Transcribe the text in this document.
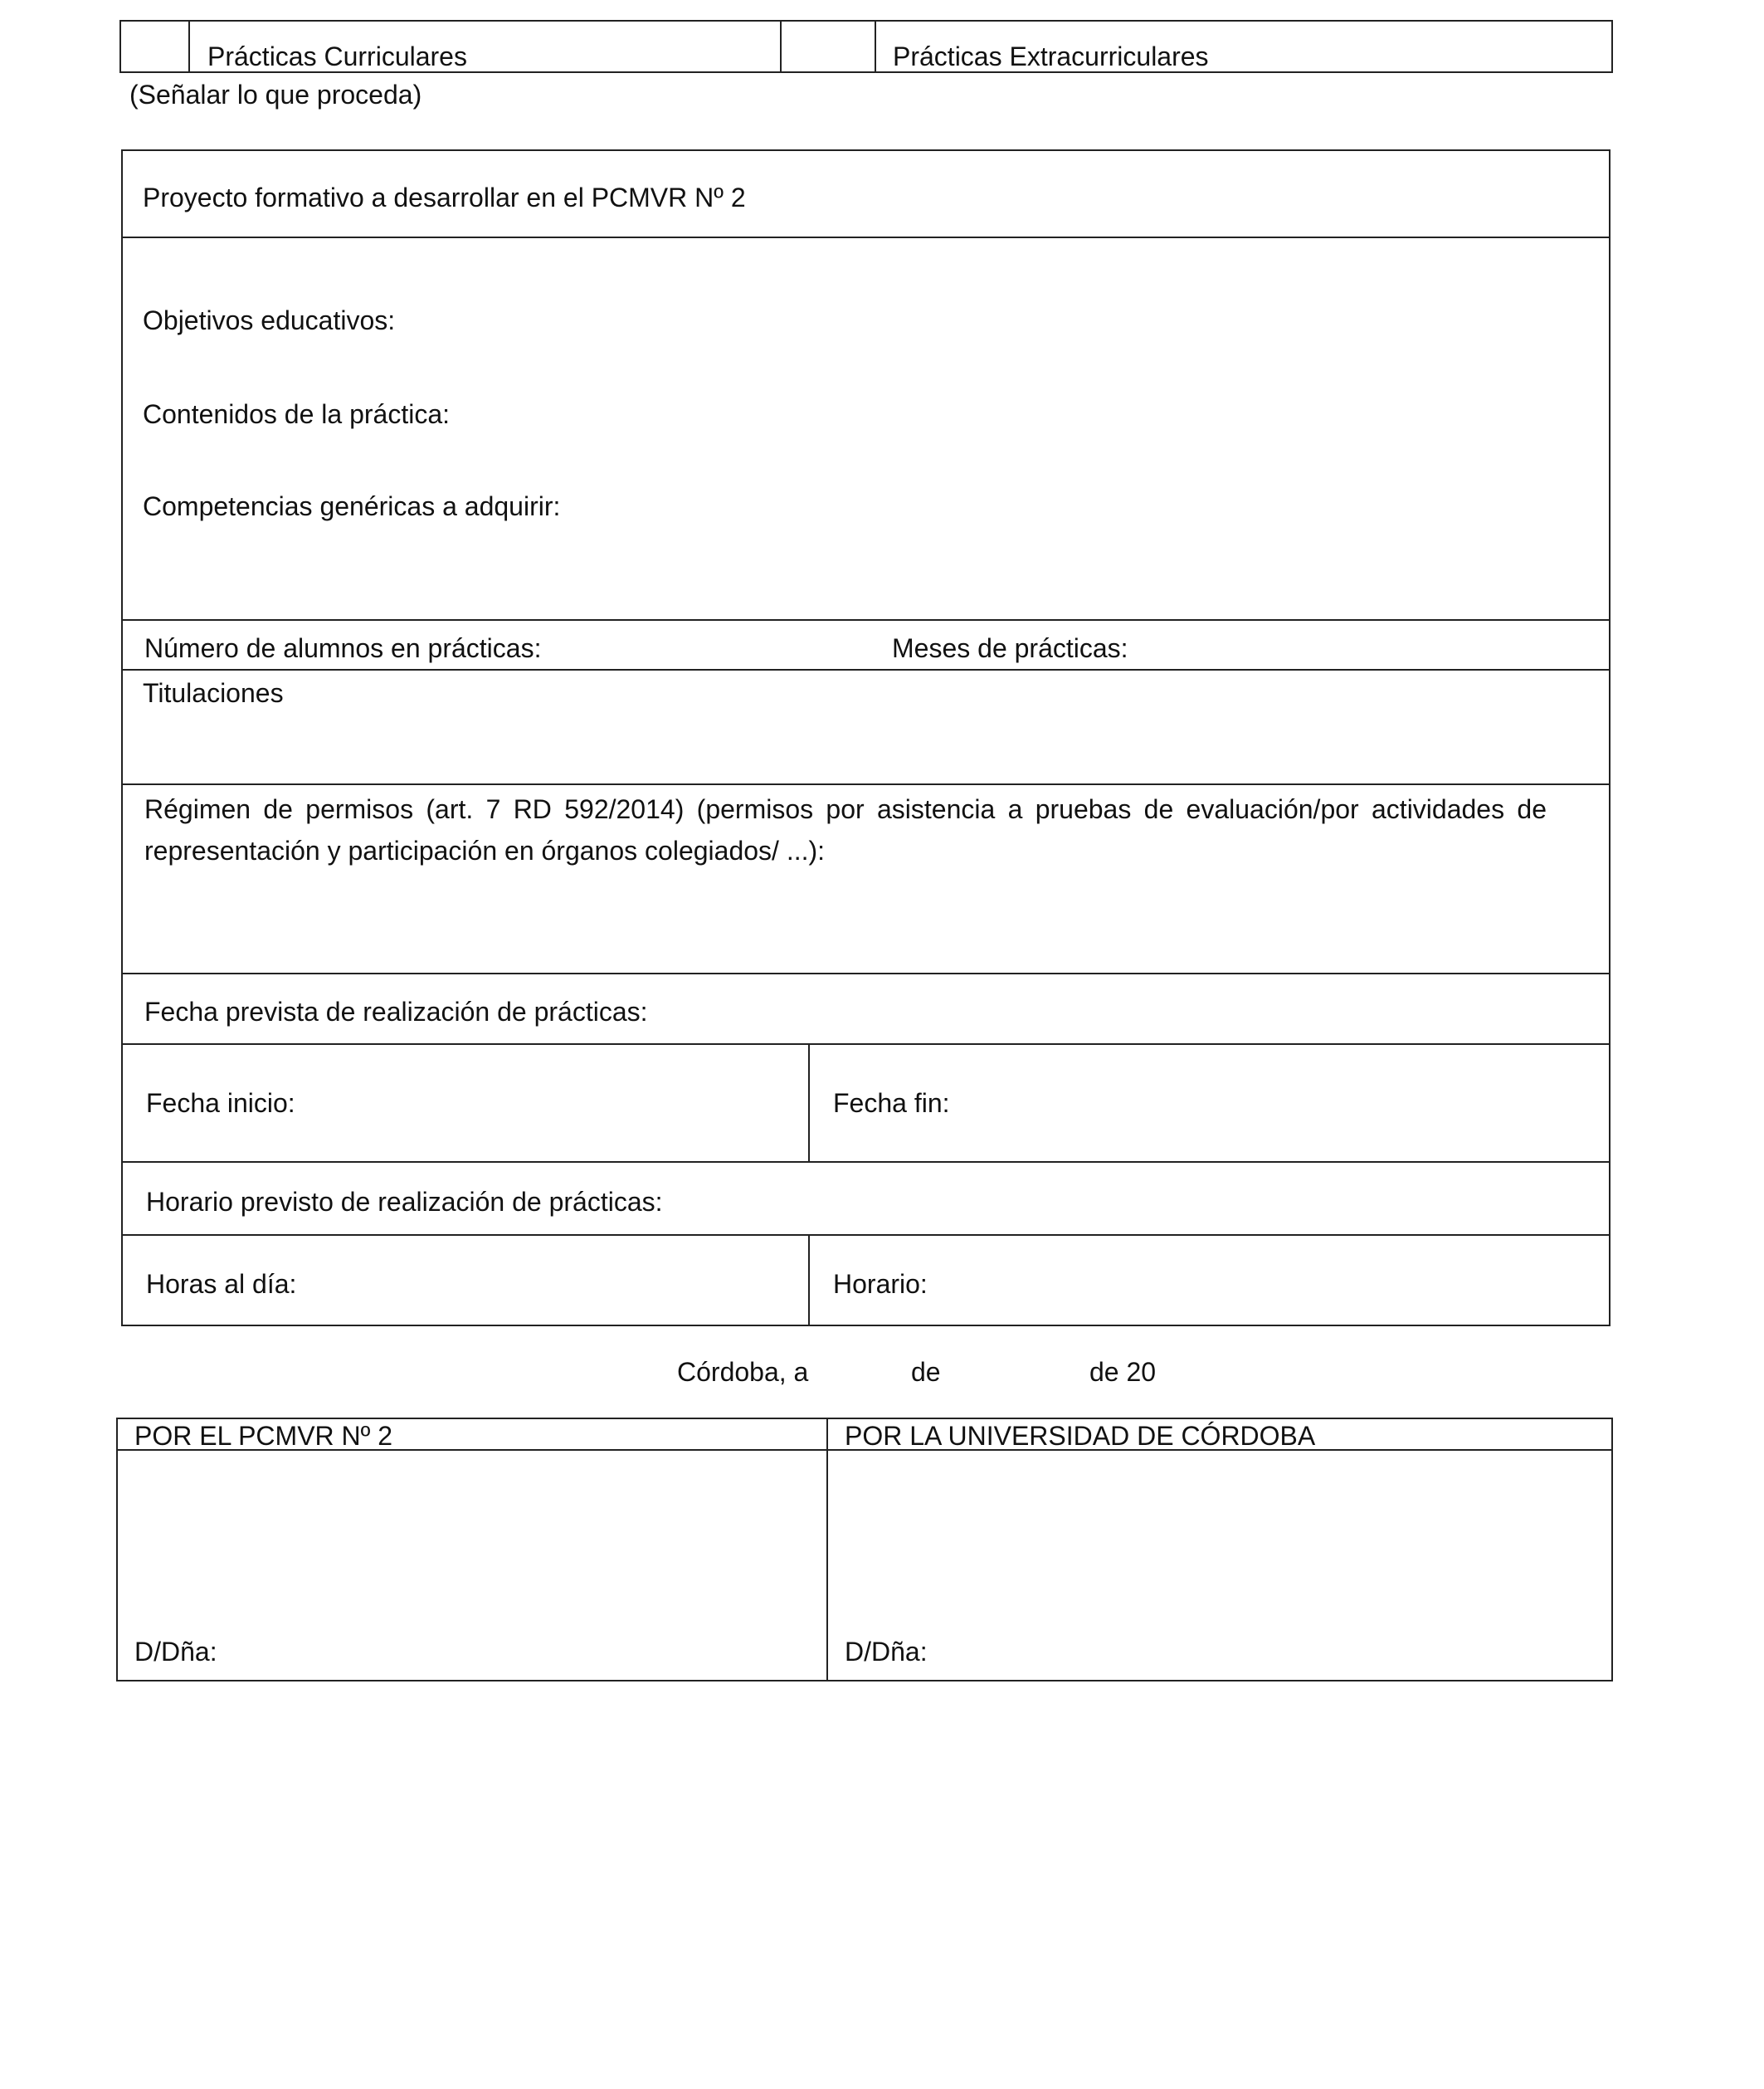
Prácticas Curriculares	Prácticas Extracurriculares
(Señalar lo que proceda)
Proyecto formativo a desarrollar en el PCMVR Nº 2
Objetivos educativos:
Contenidos de la práctica:
Competencias genéricas a adquirir:
Número de alumnos en prácticas:	Meses de prácticas:
Titulaciones
Régimen de permisos (art. 7 RD 592/2014) (permisos por asistencia a pruebas de evaluación/por actividades de representación y participación en órganos colegiados/ ...):
Fecha prevista de realización de prácticas:
Fecha inicio:	Fecha fin:
Horario previsto de realización de prácticas:
Horas al día:	Horario:
Córdoba, a	de	de 20
POR EL PCMVR Nº 2	POR LA UNIVERSIDAD DE CÓRDOBA
D/Dña:	D/Dña:
